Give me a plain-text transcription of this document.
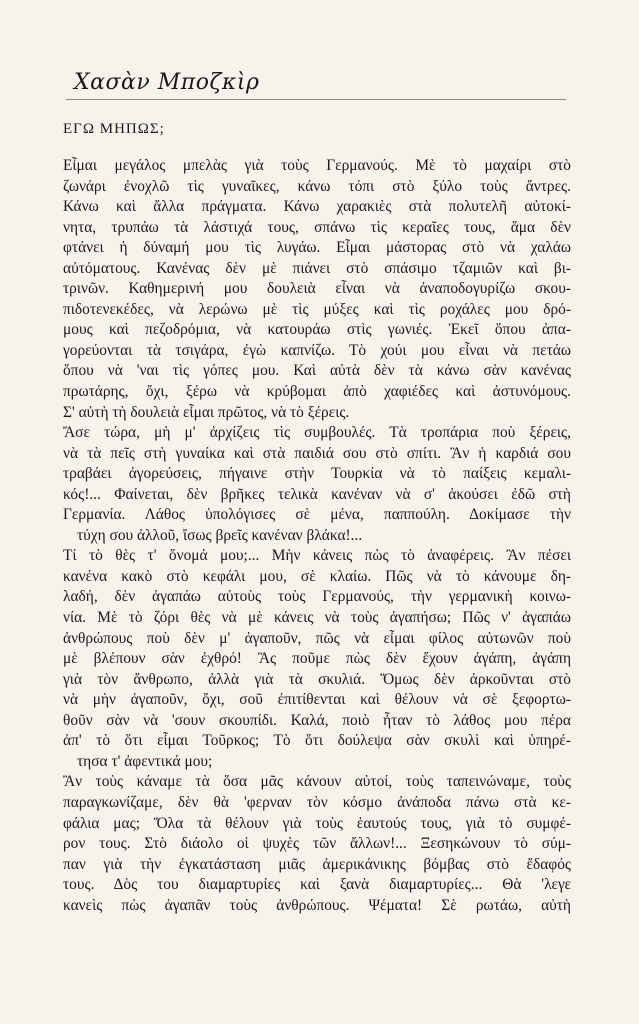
Χασὰν Μποζκὶρ
ΕΓΩ ΜΗΠΩΣ;
Εἶμαι μεγάλος μπελὰς γιὰ τοὺς Γερμανούς. Μὲ τὸ μαχαίρι στὸ
ζωνάρι ἐνοχλῶ τὶς γυναῖκες, κάνω τόπι στὸ ξύλο τοὺς ἄντρες.
Κάνω καὶ ἄλλα πράγματα. Κάνω χαρακιὲς στὰ πολυτελῆ αὐτοκί-
νητα, τρυπάω τὰ λάστιχά τους, σπάνω τὶς κεραῖες τους, ἅμα δὲν
φτάνει ἡ δύναμή μου τὶς λυγάω. Εἶμαι μάστορας στὸ νὰ χαλάω
αὐτόματους. Κανένας δὲν μὲ πιάνει στὸ σπάσιμο τζαμιῶν καὶ βι-
τρινῶν. Καθημερινή μου δουλειὰ εἶναι νὰ ἀναποδογυρίζω σκου-
πιδοτενεκέδες, νὰ λερώνω μὲ τὶς μύξες καὶ τὶς ροχάλες μου δρό-
μους καὶ πεζοδρόμια, νὰ κατουράω στὶς γωνιές. Ἐκεῖ ὅπου ἀπα-
γορεύονται τὰ τσιγάρα, ἐγὼ καπνίζω. Τὸ χούι μου εἶναι νὰ πετάω
ὅπου νὰ 'ναι τὶς γόπες μου. Καὶ αὐτὰ δὲν τὰ κάνω σὰν κανένας
πρωτάρης, ὄχι, ξέρω νὰ κρύβομαι ἀπὸ χαφιέδες καὶ ἀστυνόμους.
Σ' αὐτὴ τὴ δουλειὰ εἶμαι πρῶτος, νὰ τὸ ξέρεις.
Ἄσε τώρα, μὴ μ' ἀρχίζεις τὶς συμβουλές. Τὰ τροπάρια ποὺ ξέρεις,
νὰ τὰ πεῖς στὴ γυναίκα καὶ στὰ παιδιά σου στὸ σπίτι. Ἂν ἡ καρδιά σου
τραβάει ἀγορεύσεις, πήγαινε στὴν Τουρκία νὰ τὸ παίξεις κεμαλι-
κός!... Φαίνεται, δὲν βρῆκες τελικὰ κανέναν νὰ σ' ἀκούσει ἐδῶ στὴ
Γερμανία. Λάθος ὑπολόγισες σὲ μένα, παππούλη. Δοκίμασε τὴν
τύχη σου ἀλλοῦ, ἴσως βρεῖς κανέναν βλάκα!...
Τί τὸ θὲς τ' ὄνομά μου;... Μὴν κάνεις πὼς τὸ ἀναφέρεις. Ἂν πέσει
κανένα κακὸ στὸ κεφάλι μου, σὲ κλαίω. Πῶς νὰ τὸ κάνουμε δη-
λαδή, δὲν ἀγαπάω αὐτοὺς τοὺς Γερμανούς, τὴν γερμανικὴ κοινω-
νία. Μὲ τὸ ζόρι θὲς νὰ μὲ κάνεις νὰ τοὺς ἀγαπήσω; Πῶς ν' ἀγαπάω
ἀνθρώπους ποὺ δὲν μ' ἀγαποῦν, πῶς νὰ εἶμαι φίλος αὐτωνῶν ποὺ
μὲ βλέπουν σὰν ἐχθρό! Ἂς ποῦμε πὼς δὲν ἔχουν ἀγάπη, ἀγάπη
γιὰ τὸν ἄνθρωπο, ἀλλὰ γιὰ τὰ σκυλιά. Ὅμως δὲν ἀρκοῦνται στὸ
νὰ μὴν ἀγαποῦν, ὄχι, σοῦ ἐπιτίθενται καὶ θέλουν νὰ σὲ ξεφορτω-
θοῦν σὰν νὰ 'σουν σκουπίδι. Καλά, ποιὸ ἦταν τὸ λάθος μου πέρα
ἀπ' τὸ ὅτι εἶμαι Τοῦρκος; Τὸ ὅτι δούλεψα σὰν σκυλὶ καὶ ὑπηρέ-
τησα τ' ἀφεντικά μου;
Ἂν τοὺς κάναμε τὰ ὅσα μᾶς κάνουν αὐτοί, τοὺς ταπεινώναμε, τοὺς
παραγκωνίζαμε, δὲν θὰ 'φερναν τὸν κόσμο ἀνάποδα πάνω στὰ κε-
φάλια μας; Ὅλα τὰ θέλουν γιὰ τοὺς ἑαυτούς τους, γιὰ τὸ συμφέ-
ρον τους. Στὸ διάολο οἱ ψυχὲς τῶν ἄλλων!... Ξεσηκώνουν τὸ σύμ-
παν γιὰ τὴν ἐγκατάσταση μιᾶς ἀμερικάνικης βόμβας στὸ ἔδαφός
τους. Δὸς του διαμαρτυρίες καὶ ξανὰ διαμαρτυρίες... Θὰ 'λεγε
κανεὶς πὼς ἀγαπᾶν τοὺς ἀνθρώπους. Ψέματα! Σὲ ρωτάω, αὐτὴ
